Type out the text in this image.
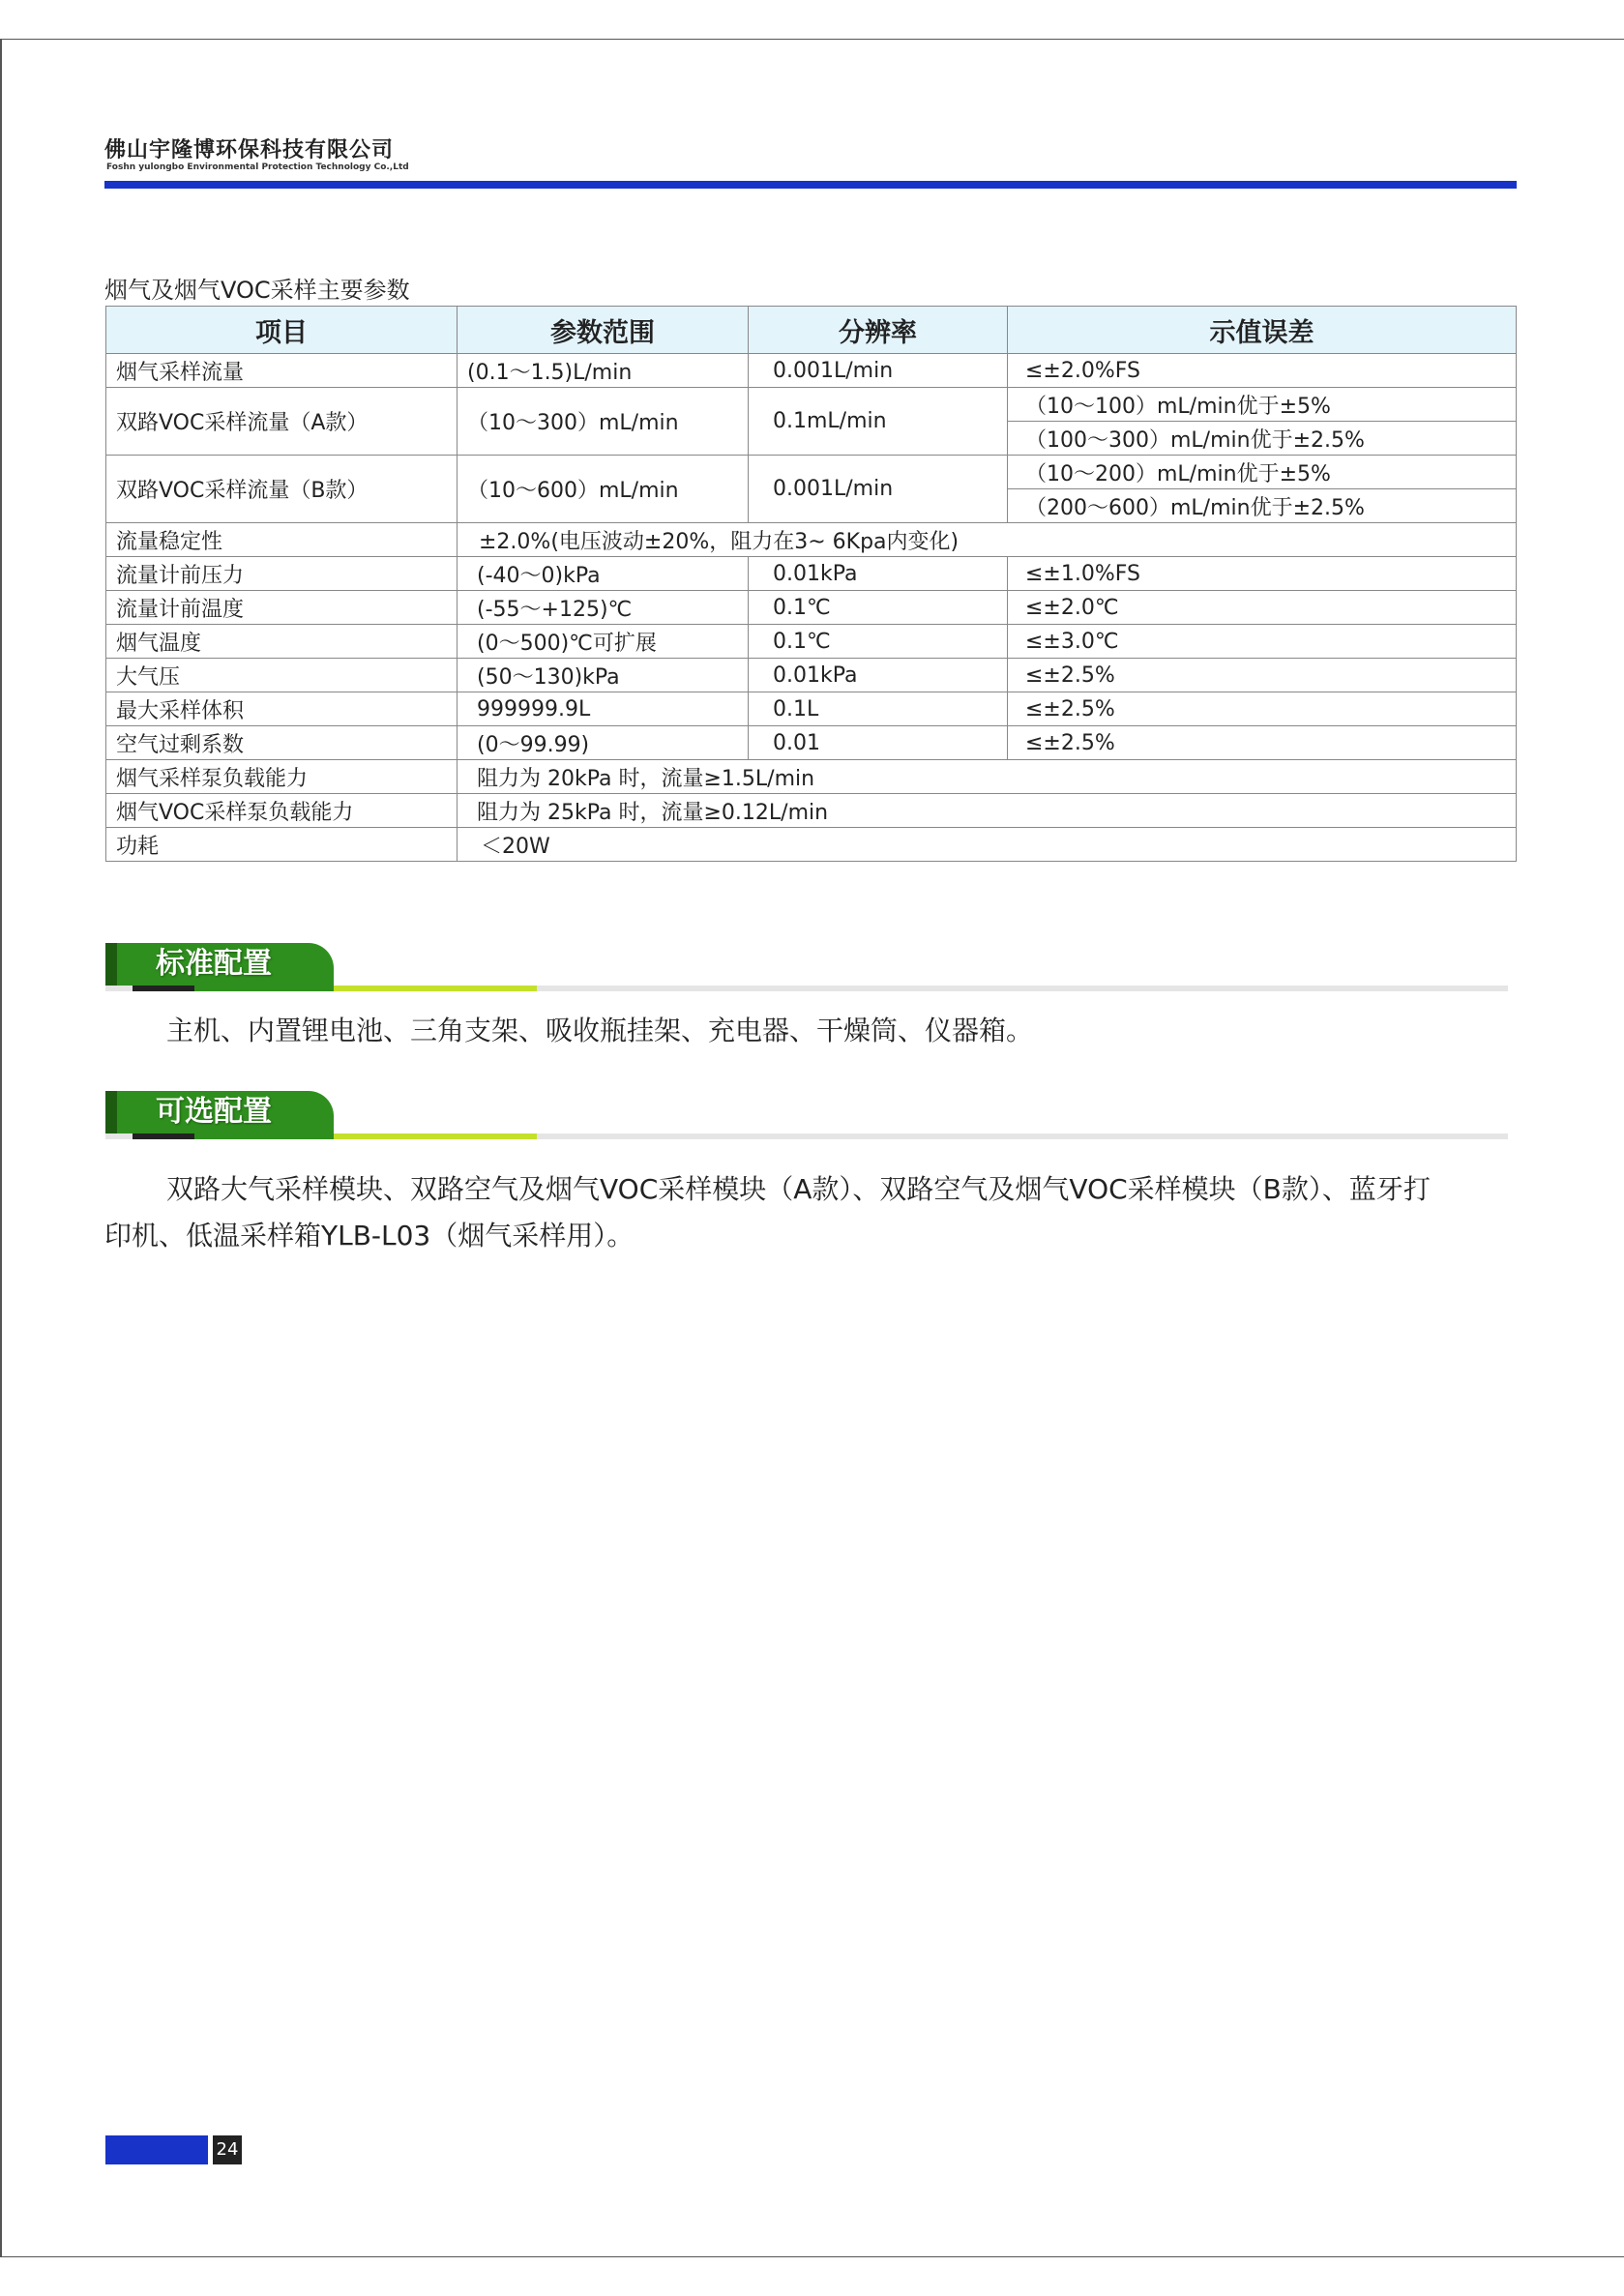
佛山宇隆博环保科技有限公司
Foshn yulongbo Environmental Protection Technology Co.,Ltd
烟气及烟气VOC采样主要参数
项目	参数范围	分辨率	示值误差
烟气采样流量	(0.1～1.5)L/min	0.001L/min	≤±2.0%FS
双路VOC采样流量（A款）	（10～300）mL/min	0.1mL/min	（10～100）mL/min优于±5%
			（100～300）mL/min优于±2.5%
双路VOC采样流量（B款）	（10～600）mL/min	0.001L/min	（10～200）mL/min优于±5%
			（200～600）mL/min优于±2.5%
流量稳定性	±2.0%(电压波动±20%，阻力在3~ 6Kpa内变化)		
流量计前压力	(-40～0)kPa	0.01kPa	≤±1.0%FS
流量计前温度	(-55～+125)℃	0.1℃	≤±2.0℃
烟气温度	(0～500)℃可扩展	0.1℃	≤±3.0℃
大气压	(50～130)kPa	0.01kPa	≤±2.5%
最大采样体积	999999.9L	0.1L	≤±2.5%
空气过剩系数	(0～99.99)	0.01	≤±2.5%
烟气采样泵负载能力	阻力为 20kPa 时，流量≥1.5L/min		
烟气VOC采样泵负载能力	阻力为 25kPa 时，流量≥0.12L/min		
功耗	＜20W		
标准配置
主机、内置锂电池、三角支架、吸收瓶挂架、充电器、干燥筒、仪器箱。
可选配置
双路大气采样模块、双路空气及烟气VOC采样模块（A款）、双路空气及烟气VOC采样模块（B款）、蓝牙打
印机、低温采样箱YLB-L03（烟气采样用）。
24
